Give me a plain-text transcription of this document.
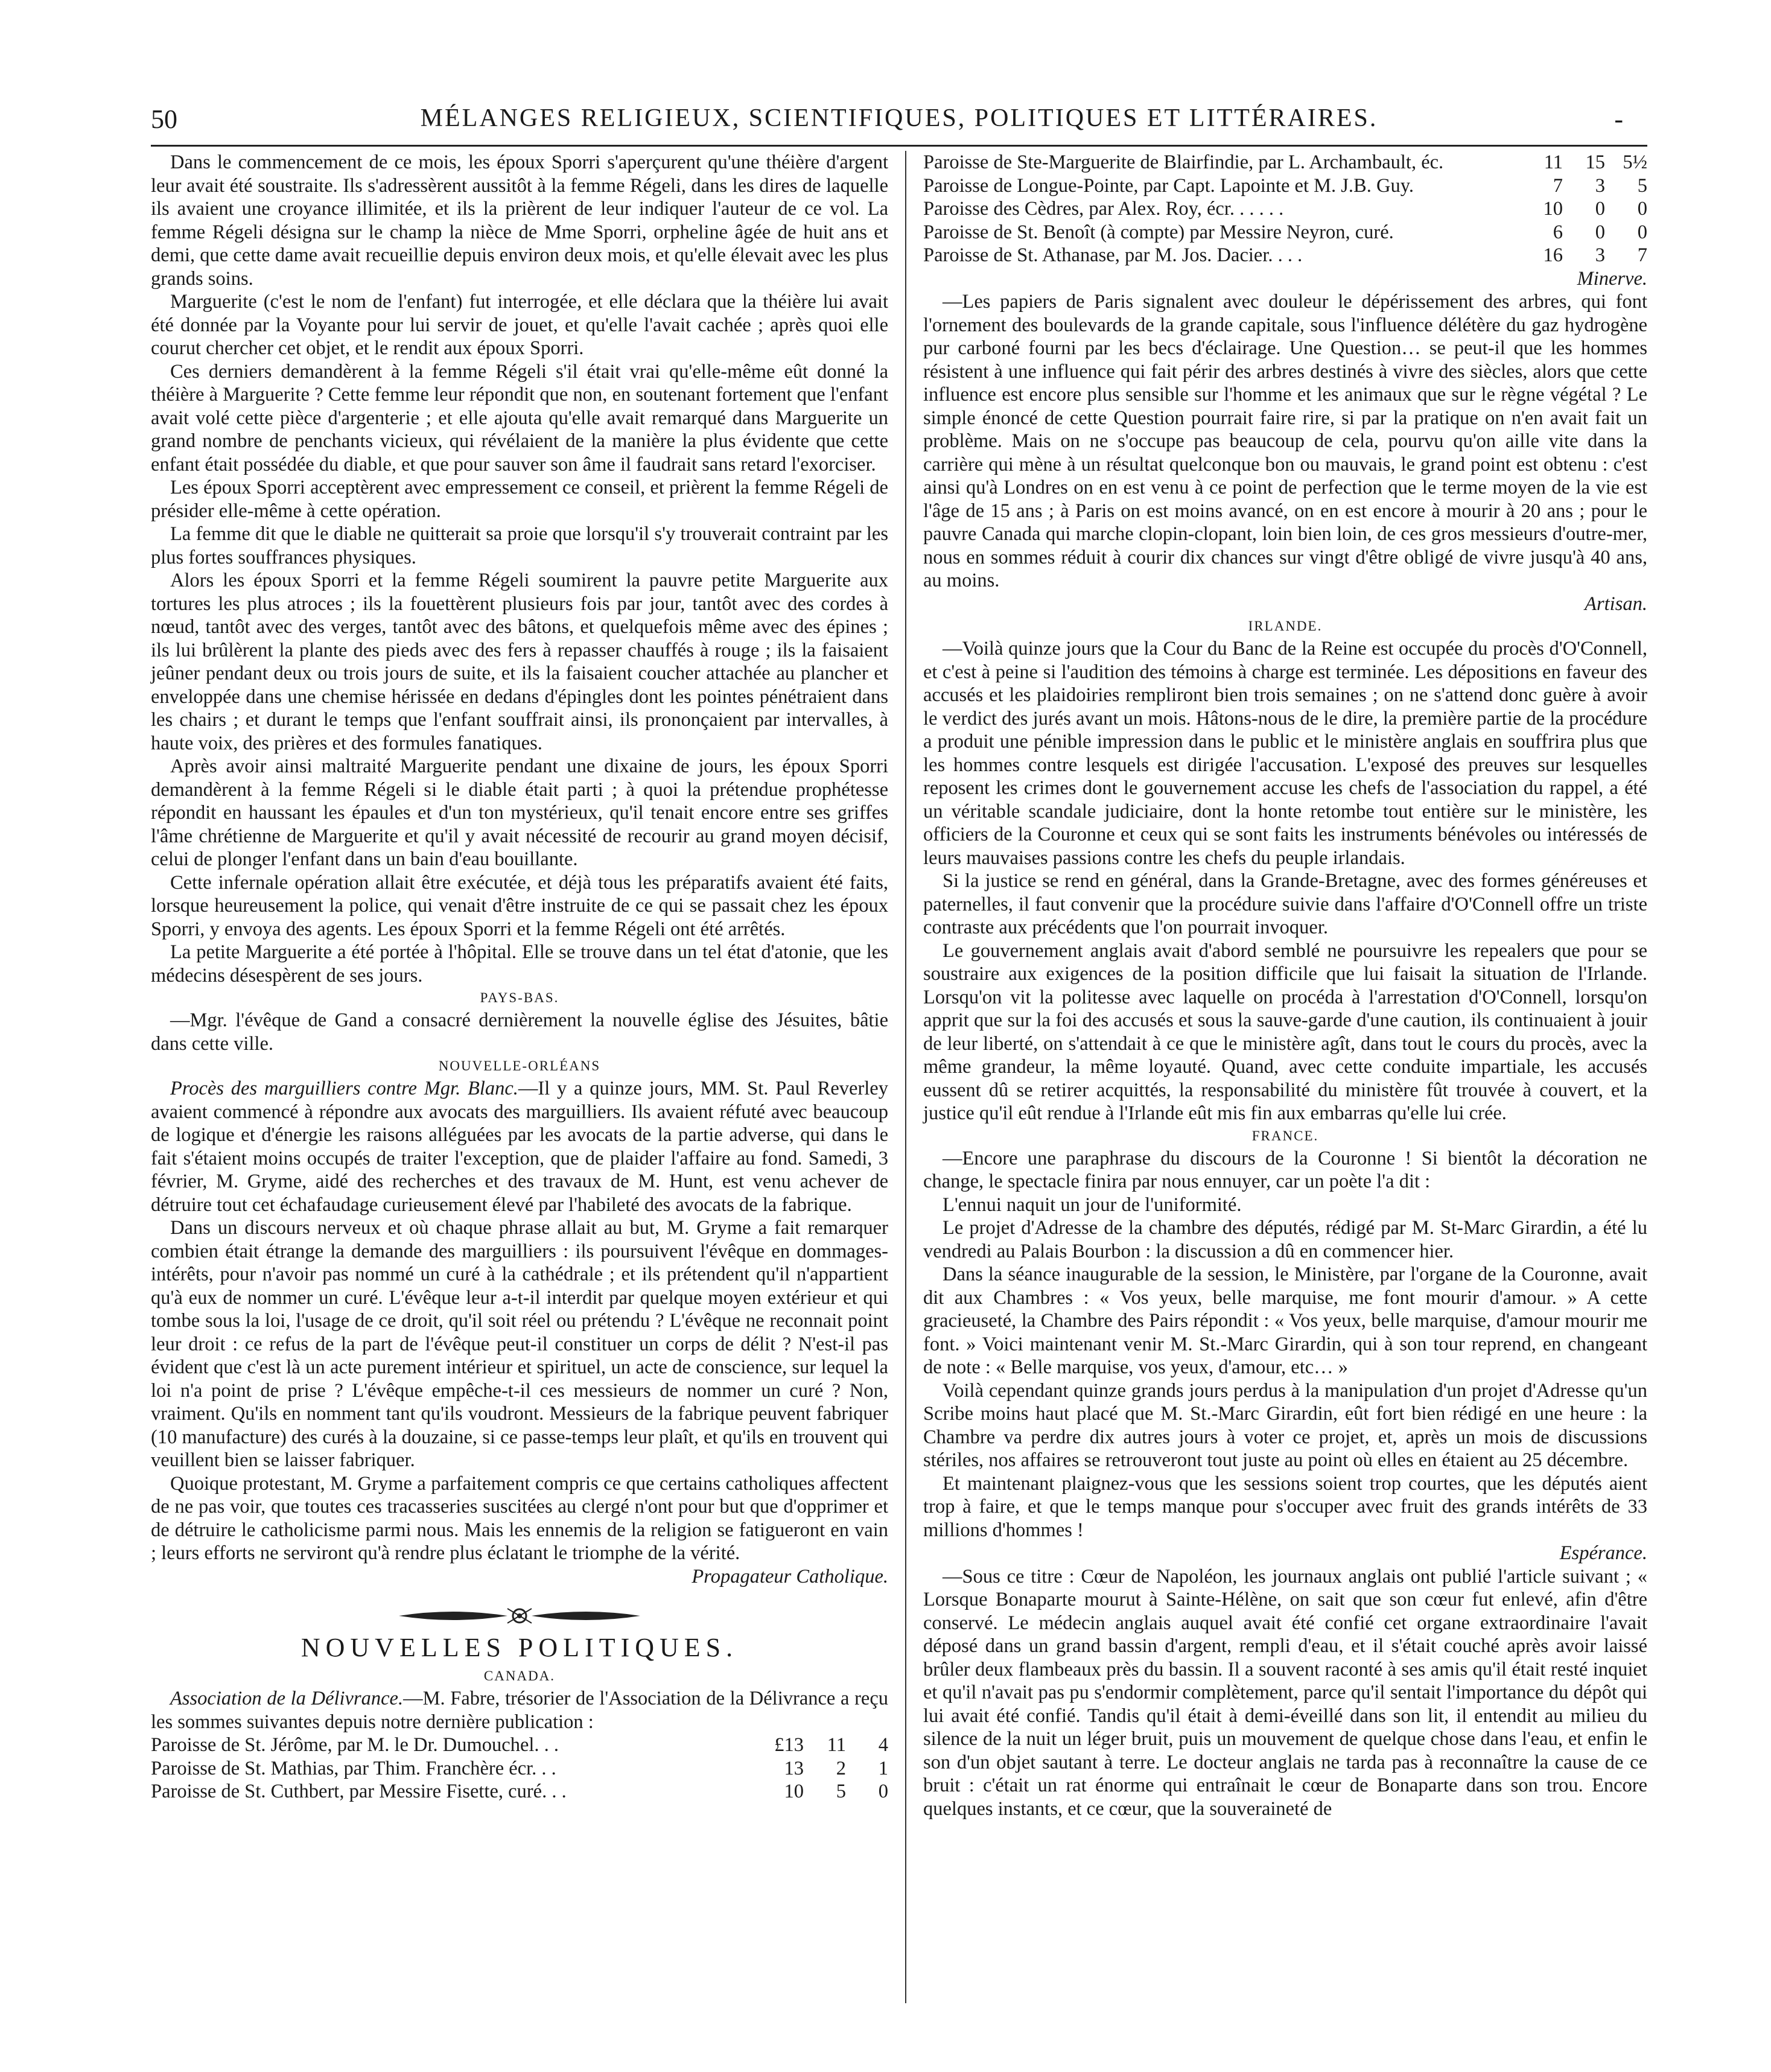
50	MÉLANGES RELIGIEUX, SCIENTIFIQUES, POLITIQUES ET LITTÉRAIRES.	-

Dans le commencement de ce mois, les époux Sporri s'aperçurent qu'une théière d'argent leur avait été soustraite. Ils s'adressèrent aussitôt à la femme Régeli, dans les dires de laquelle ils avaient une croyance illimitée, et ils la prièrent de leur indiquer l'auteur de ce vol. La femme Régeli désigna sur le champ la nièce de Mme Sporri, orpheline âgée de huit ans et demi, que cette dame avait recueillie depuis environ deux mois, et qu'elle élevait avec les plus grands soins.

Marguerite (c'est le nom de l'enfant) fut interrogée, et elle déclara que la théière lui avait été donnée par la Voyante pour lui servir de jouet, et qu'elle l'avait cachée ; après quoi elle courut chercher cet objet, et le rendit aux époux Sporri.

Ces derniers demandèrent à la femme Régeli s'il était vrai qu'elle-même eût donné la théière à Marguerite ? Cette femme leur répondit que non, en soutenant fortement que l'enfant avait volé cette pièce d'argenterie ; et elle ajouta qu'elle avait remarqué dans Marguerite un grand nombre de penchants vicieux, qui révélaient de la manière la plus évidente que cette enfant était possédée du diable, et que pour sauver son âme il faudrait sans retard l'exorciser.

Les époux Sporri acceptèrent avec empressement ce conseil, et prièrent la femme Régeli de présider elle-même à cette opération.

La femme dit que le diable ne quitterait sa proie que lorsqu'il s'y trouverait contraint par les plus fortes souffrances physiques.

Alors les époux Sporri et la femme Régeli soumirent la pauvre petite Marguerite aux tortures les plus atroces ; ils la fouettèrent plusieurs fois par jour, tantôt avec des cordes à nœud, tantôt avec des verges, tantôt avec des bâtons, et quelquefois même avec des épines ; ils lui brûlèrent la plante des pieds avec des fers à repasser chauffés à rouge ; ils la faisaient jeûner pendant deux ou trois jours de suite, et ils la faisaient coucher attachée au plancher et enveloppée dans une chemise hérissée en dedans d'épingles dont les pointes pénétraient dans les chairs ; et durant le temps que l'enfant souffrait ainsi, ils prononçaient par intervalles, à haute voix, des prières et des formules fanatiques.

Après avoir ainsi maltraité Marguerite pendant une dixaine de jours, les époux Sporri demandèrent à la femme Régeli si le diable était parti ; à quoi la prétendue prophétesse répondit en haussant les épaules et d'un ton mystérieux, qu'il tenait encore entre ses griffes l'âme chrétienne de Marguerite et qu'il y avait nécessité de recourir au grand moyen décisif, celui de plonger l'enfant dans un bain d'eau bouillante.

Cette infernale opération allait être exécutée, et déjà tous les préparatifs avaient été faits, lorsque heureusement la police, qui venait d'être instruite de ce qui se passait chez les époux Sporri, y envoya des agents. Les époux Sporri et la femme Régeli ont été arrêtés.

La petite Marguerite a été portée à l'hôpital. Elle se trouve dans un tel état d'atonie, que les médecins désespèrent de ses jours.

PAYS-BAS.

—Mgr. l'évêque de Gand a consacré dernièrement la nouvelle église des Jésuites, bâtie dans cette ville.

NOUVELLE-ORLÉANS

Procès des marguilliers contre Mgr. Blanc.—Il y a quinze jours, MM. St. Paul Reverley avaient commencé à répondre aux avocats des marguilliers. Ils avaient réfuté avec beaucoup de logique et d'énergie les raisons alléguées par les avocats de la partie adverse, qui dans le fait s'étaient moins occupés de traiter l'exception, que de plaider l'affaire au fond. Samedi, 3 février, M. Gryme, aidé des recherches et des travaux de M. Hunt, est venu achever de détruire tout cet échafaudage curieusement élevé par l'habileté des avocats de la fabrique.

Dans un discours nerveux et où chaque phrase allait au but, M. Gryme a fait remarquer combien était étrange la demande des marguilliers : ils poursuivent l'évêque en dommages-intérêts, pour n'avoir pas nommé un curé à la cathédrale ; et ils prétendent qu'il n'appartient qu'à eux de nommer un curé. L'évêque leur a-t-il interdit par quelque moyen extérieur et qui tombe sous la loi, l'usage de ce droit, qu'il soit réel ou prétendu ? L'évêque ne reconnait point leur droit : ce refus de la part de l'évêque peut-il constituer un corps de délit ? N'est-il pas évident que c'est là un acte purement intérieur et spirituel, un acte de conscience, sur lequel la loi n'a point de prise ? L'évêque empêche-t-il ces messieurs de nommer un curé ? Non, vraiment. Qu'ils en nomment tant qu'ils voudront. Messieurs de la fabrique peuvent fabriquer (10 manufacture) des curés à la douzaine, si ce passe-temps leur plaît, et qu'ils en trouvent qui veuillent bien se laisser fabriquer.

Quoique protestant, M. Gryme a parfaitement compris ce que certains catholiques affectent de ne pas voir, que toutes ces tracasseries suscitées au clergé n'ont pour but que d'opprimer et de détruire le catholicisme parmi nous. Mais les ennemis de la religion se fatigueront en vain ; leurs efforts ne serviront qu'à rendre plus éclatant le triomphe de la vérité.

Propagateur Catholique.

NOUVELLES POLITIQUES.

CANADA.

Association de la Délivrance.—M. Fabre, trésorier de l'Association de la Délivrance a reçu les sommes suivantes depuis notre dernière publication :

Paroisse de St. Jérôme, par M. le Dr. Dumouchel. . .	£13	11	4
Paroisse de St. Mathias, par Thim. Franchère écr. . .	13	2	1
Paroisse de St. Cuthbert, par Messire Fisette, curé. . .	10	5	0
Paroisse de Ste-Marguerite de Blairfindie, par L. Archambault, éc.	11	15 5½
Paroisse de Longue-Pointe, par Capt. Lapointe et M. J.B. Guy.	7	3	5
Paroisse des Cèdres, par Alex. Roy, écr. . . . . .	10	0	0
Paroisse de St. Benoît (à compte) par Messire Neyron, curé.	6	0	0
Paroisse de St. Athanase, par M. Jos. Dacier. . . .	16	3	7

Minerve.

—Les papiers de Paris signalent avec douleur le dépérissement des arbres, qui font l'ornement des boulevards de la grande capitale, sous l'influence délétère du gaz hydrogène pur carboné fourni par les becs d'éclairage. Une Question… se peut-il que les hommes résistent à une influence qui fait périr des arbres destinés à vivre des siècles, alors que cette influence est encore plus sensible sur l'homme et les animaux que sur le règne végétal ? Le simple énoncé de cette Question pourrait faire rire, si par la pratique on n'en avait fait un problème. Mais on ne s'occupe pas beaucoup de cela, pourvu qu'on aille vite dans la carrière qui mène à un résultat quelconque bon ou mauvais, le grand point est obtenu : c'est ainsi qu'à Londres on en est venu à ce point de perfection que le terme moyen de la vie est l'âge de 15 ans ; à Paris on est moins avancé, on en est encore à mourir à 20 ans ; pour le pauvre Canada qui marche clopin-clopant, loin bien loin, de ces gros messieurs d'outre-mer, nous en sommes réduit à courir dix chances sur vingt d'être obligé de vivre jusqu'à 40 ans, au moins.

Artisan.

IRLANDE.

—Voilà quinze jours que la Cour du Banc de la Reine est occupée du procès d'O'Connell, et c'est à peine si l'audition des témoins à charge est terminée. Les dépositions en faveur des accusés et les plaidoiries rempliront bien trois semaines ; on ne s'attend donc guère à avoir le verdict des jurés avant un mois. Hâtons-nous de le dire, la première partie de la procédure a produit une pénible impression dans le public et le ministère anglais en souffrira plus que les hommes contre lesquels est dirigée l'accusation. L'exposé des preuves sur lesquelles reposent les crimes dont le gouvernement accuse les chefs de l'association du rappel, a été un véritable scandale judiciaire, dont la honte retombe tout entière sur le ministère, les officiers de la Couronne et ceux qui se sont faits les instruments bénévoles ou intéressés de leurs mauvaises passions contre les chefs du peuple irlandais.

Si la justice se rend en général, dans la Grande-Bretagne, avec des formes généreuses et paternelles, il faut convenir que la procédure suivie dans l'affaire d'O'Connell offre un triste contraste aux précédents que l'on pourrait invoquer.

Le gouvernement anglais avait d'abord semblé ne poursuivre les repealers que pour se soustraire aux exigences de la position difficile que lui faisait la situation de l'Irlande. Lorsqu'on vit la politesse avec laquelle on procéda à l'arrestation d'O'Connell, lorsqu'on apprit que sur la foi des accusés et sous la sauve-garde d'une caution, ils continuaient à jouir de leur liberté, on s'attendait à ce que le ministère agît, dans tout le cours du procès, avec la même grandeur, la même loyauté. Quand, avec cette conduite impartiale, les accusés eussent dû se retirer acquittés, la responsabilité du ministère fût trouvée à couvert, et la justice qu'il eût rendue à l'Irlande eût mis fin aux embarras qu'elle lui crée.

FRANCE.

—Encore une paraphrase du discours de la Couronne ! Si bientôt la décoration ne change, le spectacle finira par nous ennuyer, car un poète l'a dit :

L'ennui naquit un jour de l'uniformité.

Le projet d'Adresse de la chambre des députés, rédigé par M. St-Marc Girardin, a été lu vendredi au Palais Bourbon : la discussion a dû en commencer hier.

Dans la séance inaugurable de la session, le Ministère, par l'organe de la Couronne, avait dit aux Chambres : « Vos yeux, belle marquise, me font mourir d'amour. » A cette gracieuseté, la Chambre des Pairs répondit : « Vos yeux, belle marquise, d'amour mourir me font. » Voici maintenant venir M. St.-Marc Girardin, qui à son tour reprend, en changeant de note : « Belle marquise, vos yeux, d'amour, etc… »

Voilà cependant quinze grands jours perdus à la manipulation d'un projet d'Adresse qu'un Scribe moins haut placé que M. St.-Marc Girardin, eût fort bien rédigé en une heure : la Chambre va perdre dix autres jours à voter ce projet, et, après un mois de discussions stériles, nos affaires se retrouveront tout juste au point où elles en étaient au 25 décembre.

Et maintenant plaignez-vous que les sessions soient trop courtes, que les députés aient trop à faire, et que le temps manque pour s'occuper avec fruit des grands intérêts de 33 millions d'hommes !

Espérance.

—Sous ce titre : Cœur de Napoléon, les journaux anglais ont publié l'article suivant ; « Lorsque Bonaparte mourut à Sainte-Hélène, on sait que son cœur fut enlevé, afin d'être conservé. Le médecin anglais auquel avait été confié cet organe extraordinaire l'avait déposé dans un grand bassin d'argent, rempli d'eau, et il s'était couché après avoir laissé brûler deux flambeaux près du bassin. Il a souvent raconté à ses amis qu'il était resté inquiet et qu'il n'avait pas pu s'endormir complètement, parce qu'il sentait l'importance du dépôt qui lui avait été confié. Tandis qu'il était à demi-éveillé dans son lit, il entendit au milieu du silence de la nuit un léger bruit, puis un mouvement de quelque chose dans l'eau, et enfin le son d'un objet sautant à terre. Le docteur anglais ne tarda pas à reconnaître la cause de ce bruit : c'était un rat énorme qui entraînait le cœur de Bonaparte dans son trou. Encore quelques instants, et ce cœur, que la souveraineté de
